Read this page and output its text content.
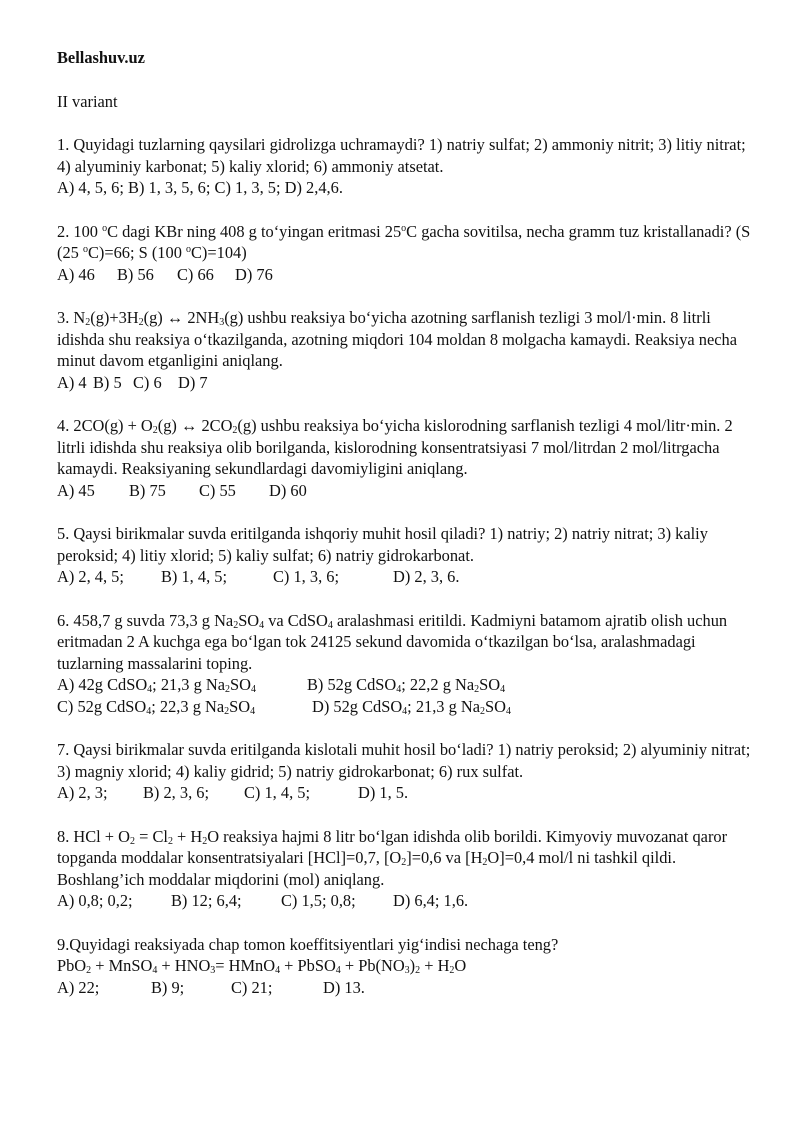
Bellashuv.uz
II variant

1. Quyidagi tuzlarning qaysilari gidrolizga uchramaydi? 1) natriy sulfat; 2) ammoniy nitrit; 3) litiy nitrat; 4) alyuminiy karbonat; 5) kaliy xlorid; 6) ammoniy atsetat.

A) 4, 5, 6; B) 1, 3, 5, 6; C) 1, 3, 5; D) 2,4,6.

2. 100 $^o$C dagi KBr ning 408 g to‘yingan eritmasi 25$^o$C gacha sovitilsa, necha gramm tuz kristallanadi? (S (25 $^o$C)=66; S (100 $^o$C)=104)

A) 46	B) 56	C) 66	D) 76

3. $N_2(g)+3H_2(g)$ ↔ $2NH_3(g)$ ushbu reaksiya bo‘yicha azotning sarflanish tezligi 3 mol/l·min. 8 litrli idishda shu reaksiya o‘tkazilganda, azotning miqdori 104 moldan 8 molgacha kamaydi. Reaksiya necha minut davom etganligini aniqlang.

A) 4 B) 5 C) 6 D) 7

4. $2CO(g) + O_2(g)$ ↔ $2CO_2(g)$ ushbu reaksiya bo‘yicha kislorodning sarflanish tezligi 4 mol/litr·min. 2 litrli idishda shu reaksiya olib borilganda, kislorodning konsentratsiyasi 7 mol/litrdan 2 mol/litrgacha kamaydi. Reaksiyaning sekundlardagi davomiyligini aniqlang.

A) 45	B) 75	C) 55	D) 60

5. Qaysi birikmalar suvda eritilganda ishqoriy muhit hosil qiladi? 1) natriy; 2) natriy nitrat; 3) kaliy peroksid; 4) litiy xlorid; 5) kaliy sulfat; 6) natriy gidrokarbonat.

A) 2, 4, 5;	B) 1, 4, 5;	C) 1, 3, 6;	D) 2, 3, 6.

6. 458,7 g suvda 73,3 g $Na_2SO_4$ va CdSO$_4$ aralashmasi eritildi. Kadmiyni batamom ajratib olish uchun eritmadan 2 A kuchga ega bo‘lgan tok 24125 sekund davomida o‘tkazilgan bo‘lsa, aralashmadagi tuzlarning massalarini toping.

A) 42g CdSO$_4$; 21,3 g $Na_2SO_4$	B) 52g CdSO$_4$; 22,2 g $Na_2SO_4$

C) 52g CdSO$_4$; 22,3 g $Na_2SO_4$	D) 52g CdSO$_4$; 21,3 g $Na_2SO_4$

7. Qaysi birikmalar suvda eritilganda kislotali muhit hosil bo‘ladi? 1) natriy peroksid; 2) alyuminiy nitrat; 3) magniy xlorid; 4) kaliy gidrid; 5) natriy gidrokarbonat; 6) rux sulfat.

A) 2, 3;	B) 2, 3, 6;	C) 1, 4, 5;	D) 1, 5.

8. HCl + $O_2 = Cl_2 + H_2O$ reaksiya hajmi 8 litr bo‘lgan idishda olib borildi. Kimyoviy muvozanat qaror topganda moddalar konsentratsiyalari [HCl]=0,7, $[O_2]=0,6$ va $[H_2O]=0,4$ mol/l ni tashkil qildi. Boshlang’ich moddalar miqdorini (mol) aniqlang.

A) 0,8; 0,2;	B) 12; 6,4;	C) 1,5; 0,8;	D) 6,4; 1,6.

9.Quyidagi reaksiyada chap tomon koeffitsiyentlari yig‘indisi nechaga teng?

PbO$_2$ + MnSO$_4$ + $HNO_3=$ HMnO$_4$ + PbSO$_4$ + $Pb(NO_3)_2 + H_2O$

A) 22;	B) 9;	C) 21;	D) 13.
